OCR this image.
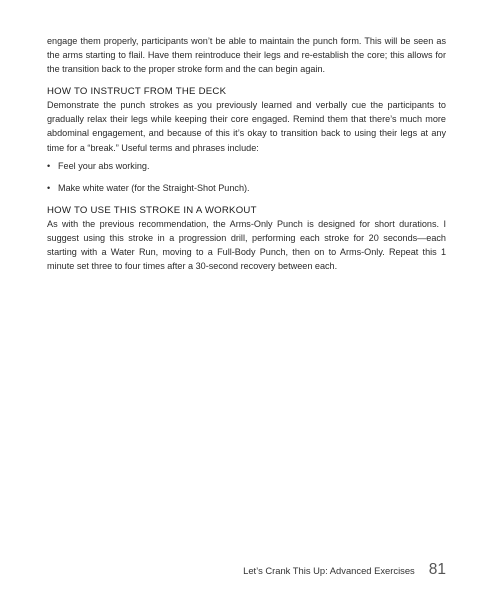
engage them properly, participants won’t be able to maintain the punch form. This will be seen as the arms starting to flail. Have them reintroduce their legs and re-establish the core; this allows for the transition back to the proper stroke form and the can begin again.

HOW TO INSTRUCT FROM THE DECK

Demonstrate the punch strokes as you previously learned and verbally cue the participants to gradually relax their legs while keeping their core engaged. Remind them that there’s much more abdominal engagement, and because of this it’s okay to transition back to using their legs at any time for a “break.” Useful terms and phrases include:

• Feel your abs working.
• Make white water (for the Straight-Shot Punch).
HOW TO USE THIS STROKE IN A WORKOUT

As with the previous recommendation, the Arms-Only Punch is designed for short durations. I suggest using this stroke in a progression drill, performing each stroke for 20 seconds—each starting with a Water Run, moving to a Full-Body Punch, then on to Arms-Only. Repeat this 1 minute set three to four times after a 30-second recovery between each.

Let’s Crank This Up: Advanced Exercises 81
